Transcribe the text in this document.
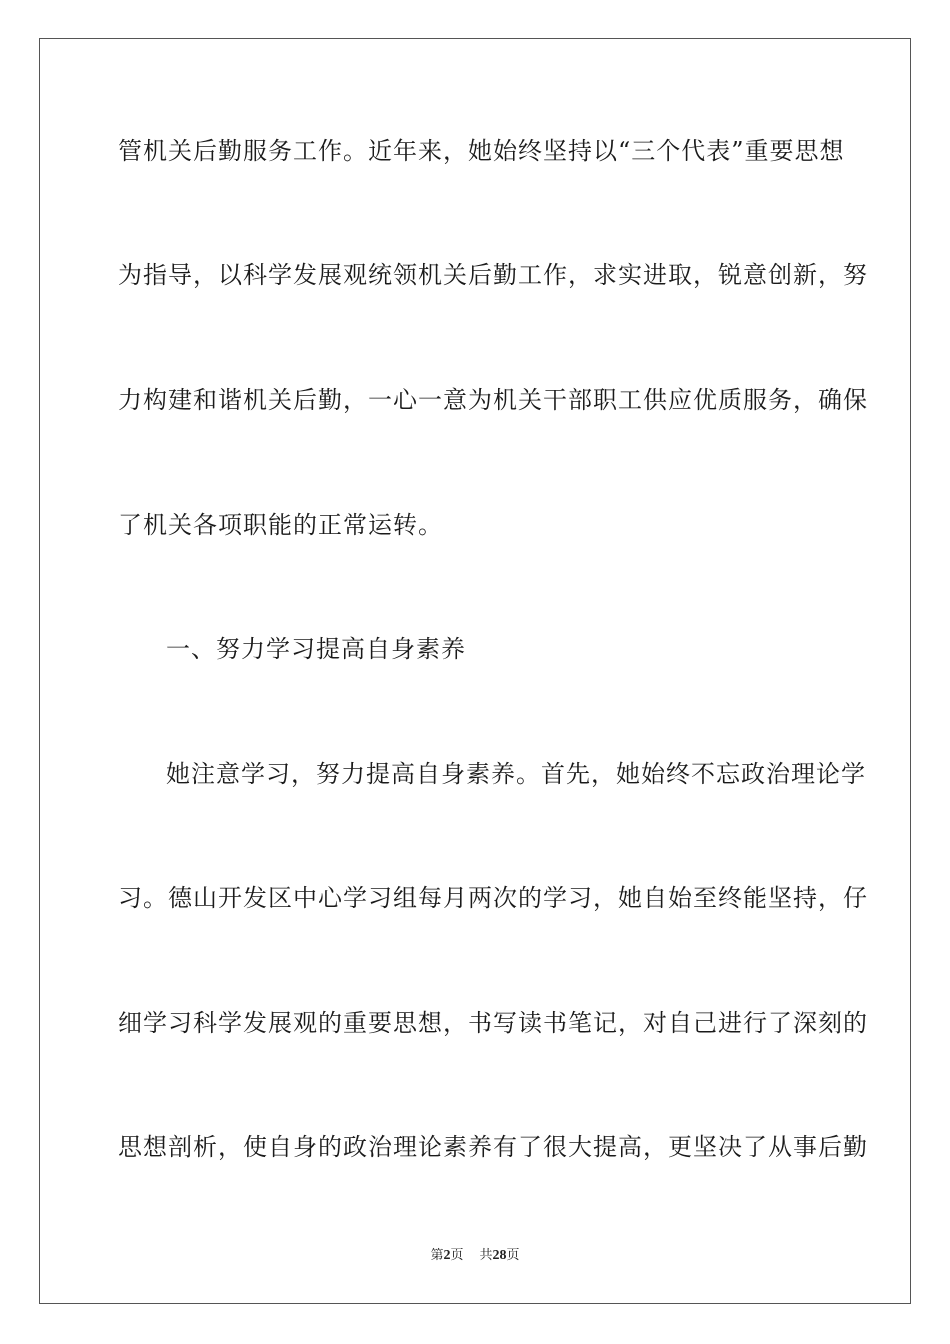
管机关后勤服务工作。近年来，她始终坚持以“三个代表”重要思想
为指导，以科学发展观统领机关后勤工作，求实进取，锐意创新，努
力构建和谐机关后勤，一心一意为机关干部职工供应优质服务，确保
了机关各项职能的正常运转。
一、努力学习提高自身素养
她注意学习，努力提高自身素养。首先，她始终不忘政治理论学
习。德山开发区中心学习组每月两次的学习，她自始至终能坚持，仔
细学习科学发展观的重要思想，书写读书笔记，对自己进行了深刻的
思想剖析，使自身的政治理论素养有了很大提高，更坚决了从事后勤
第2页 共28页
